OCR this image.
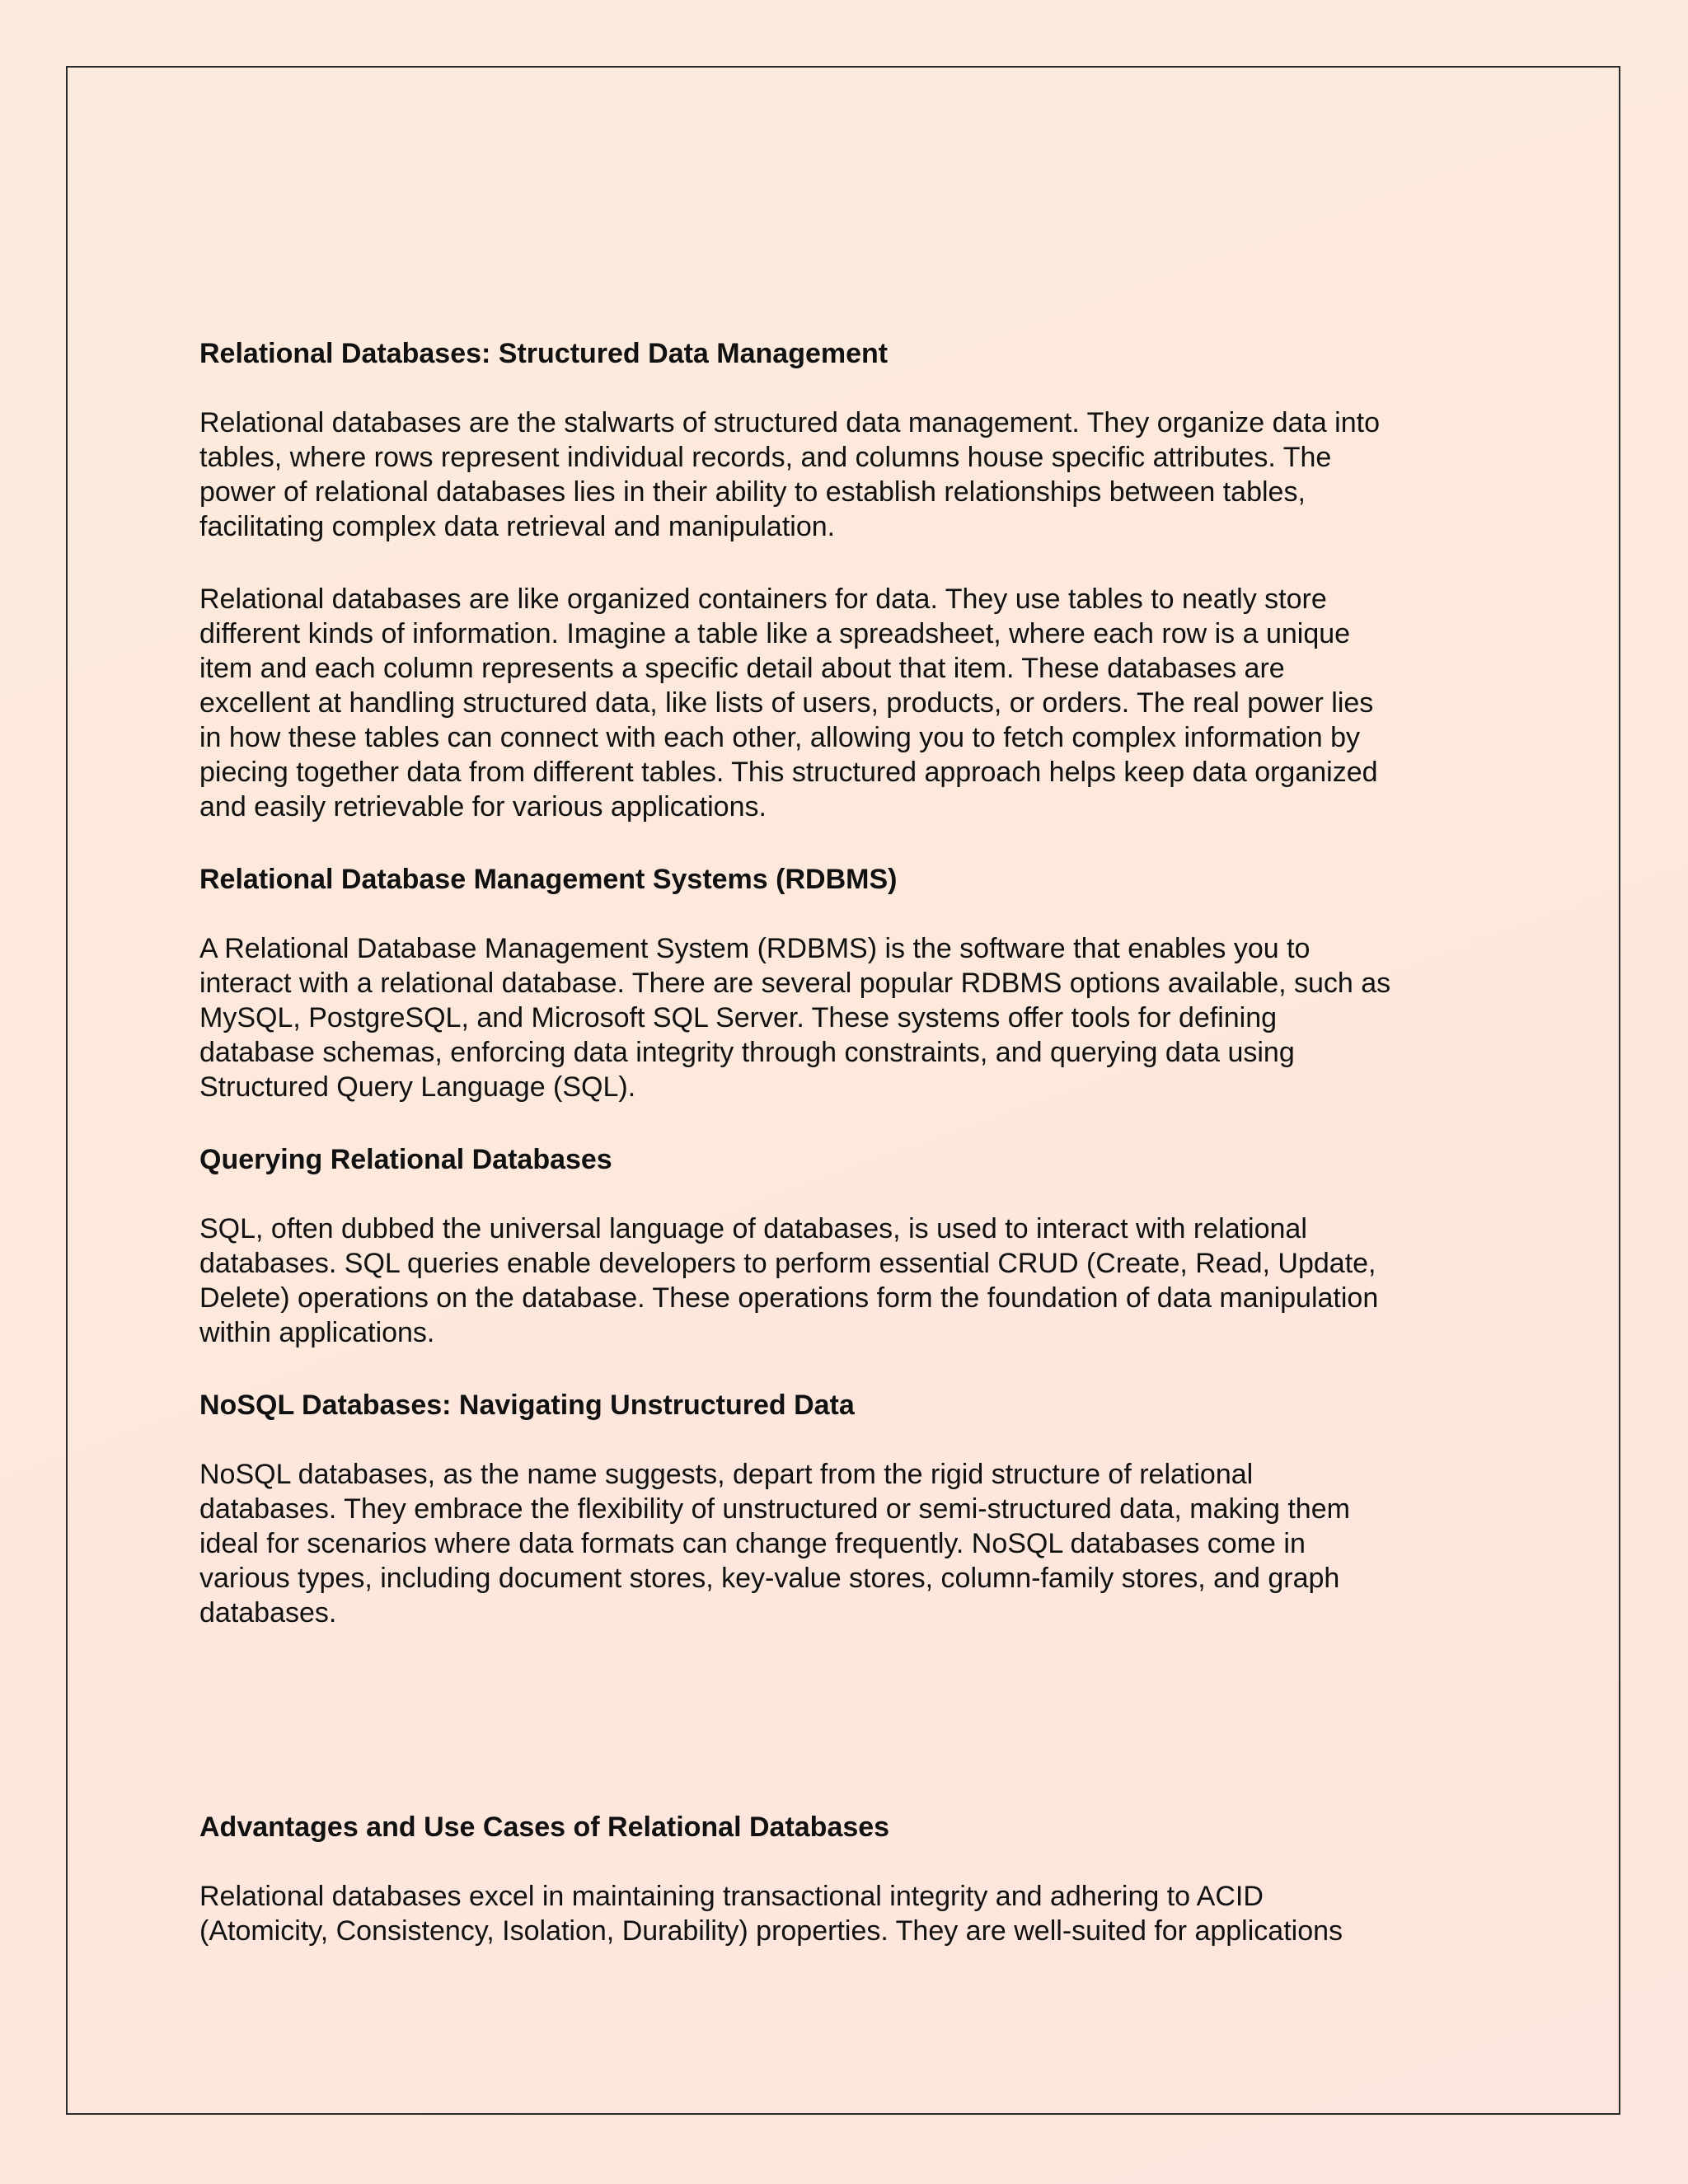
Relational Databases: Structured Data Management

Relational databases are the stalwarts of structured data management. They organize data into
tables, where rows represent individual records, and columns house specific attributes. The
power of relational databases lies in their ability to establish relationships between tables,
facilitating complex data retrieval and manipulation.

Relational databases are like organized containers for data. They use tables to neatly store
different kinds of information. Imagine a table like a spreadsheet, where each row is a unique
item and each column represents a specific detail about that item. These databases are
excellent at handling structured data, like lists of users, products, or orders. The real power lies
in how these tables can connect with each other, allowing you to fetch complex information by
piecing together data from different tables. This structured approach helps keep data organized
and easily retrievable for various applications.

Relational Database Management Systems (RDBMS)

A Relational Database Management System (RDBMS) is the software that enables you to
interact with a relational database. There are several popular RDBMS options available, such as
MySQL, PostgreSQL, and Microsoft SQL Server. These systems offer tools for defining
database schemas, enforcing data integrity through constraints, and querying data using
Structured Query Language (SQL).

Querying Relational Databases

SQL, often dubbed the universal language of databases, is used to interact with relational
databases. SQL queries enable developers to perform essential CRUD (Create, Read, Update,
Delete) operations on the database. These operations form the foundation of data manipulation
within applications.

NoSQL Databases: Navigating Unstructured Data

NoSQL databases, as the name suggests, depart from the rigid structure of relational
databases. They embrace the flexibility of unstructured or semi-structured data, making them
ideal for scenarios where data formats can change frequently. NoSQL databases come in
various types, including document stores, key-value stores, column-family stores, and graph
databases.

Advantages and Use Cases of Relational Databases

Relational databases excel in maintaining transactional integrity and adhering to ACID
(Atomicity, Consistency, Isolation, Durability) properties. They are well-suited for applications
